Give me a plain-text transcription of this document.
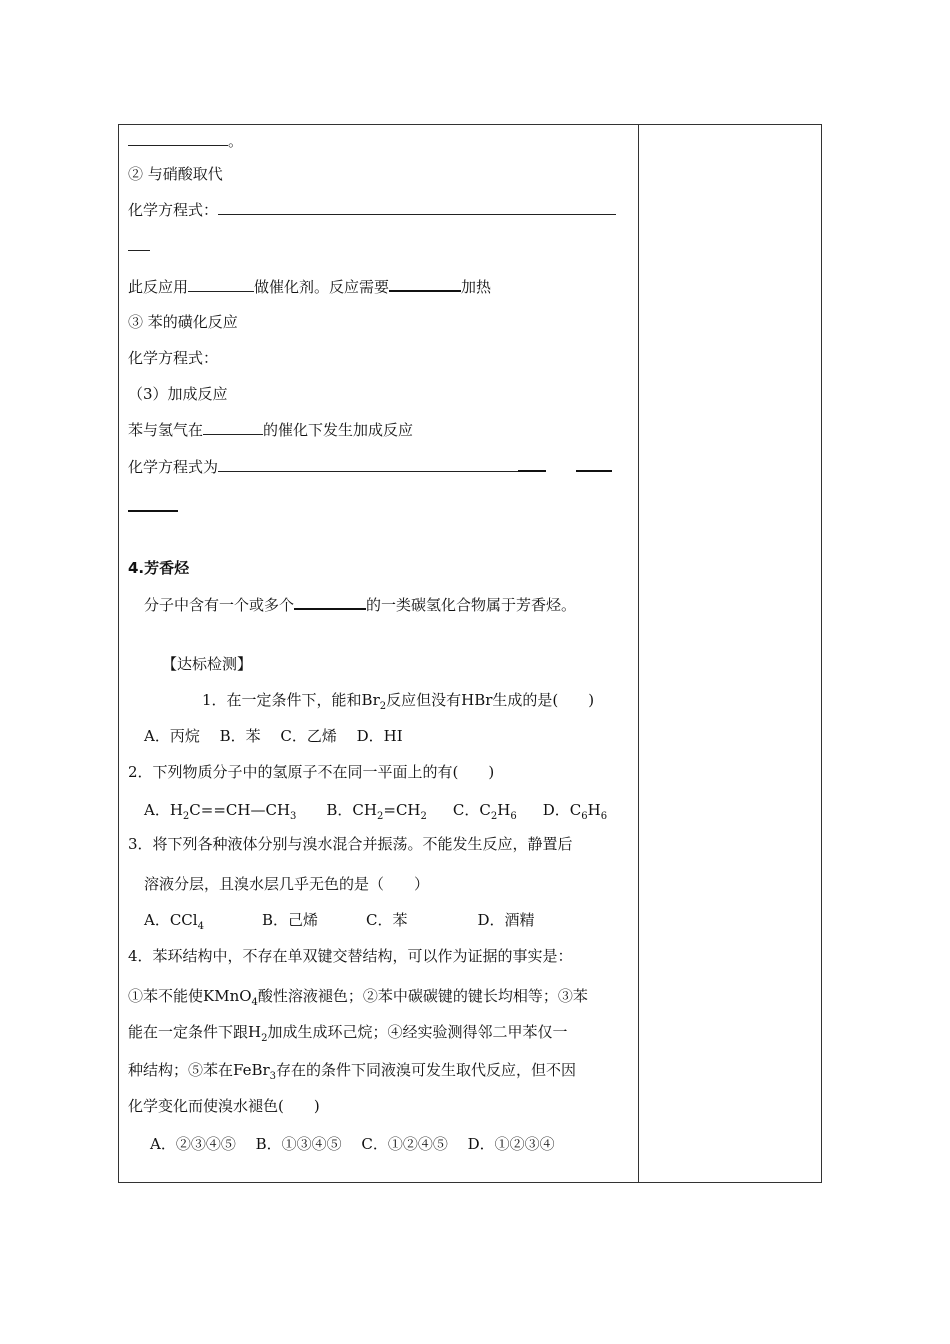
。
② 与硝酸取代
化学方程式：
此反应用	做催化剂。反应需要	加热
③ 苯的磺化反应
化学方程式：
（3）加成反应
苯与氢气在	的催化下发生加成反应
化学方程式为
4.芳香烃
分子中含有一个或多个	的一类碳氢化合物属于芳香烃。
【达标检测】
1．在一定条件下，能和$Br_2$反应但没有HBr生成的是(　　)
A．丙烷　 B．苯　 C．乙烯　 D．HI
2．下列物质分子中的氢原子不在同一平面上的有(　　)
A．$H_2C==CH—CH_3$ B．$CH_2=CH_2$ C．$C_2H_6$ D．$C_6H_6$
3．将下列各种液体分别与溴水混合并振荡。不能发生反应，静置后
溶液分层，且溴水层几乎无色的是（　　）
A．CCl$_4$	B．己烯	C．苯	D．酒精
4．苯环结构中，不存在单双键交替结构，可以作为证据的事实是：
①苯不能使KMnO$_4$酸性溶液褪色；②苯中碳碳键的键长均相等；③苯
能在一定条件下跟$H_2$加成生成环己烷；④经实验测得邻二甲苯仅一
种结构；⑤苯在FeBr$_3$存在的条件下同液溴可发生取代反应，但不因
化学变化而使溴水褪色(　　)
A．②③④⑤　 B．①③④⑤　 C．①②④⑤　 D．①②③④
